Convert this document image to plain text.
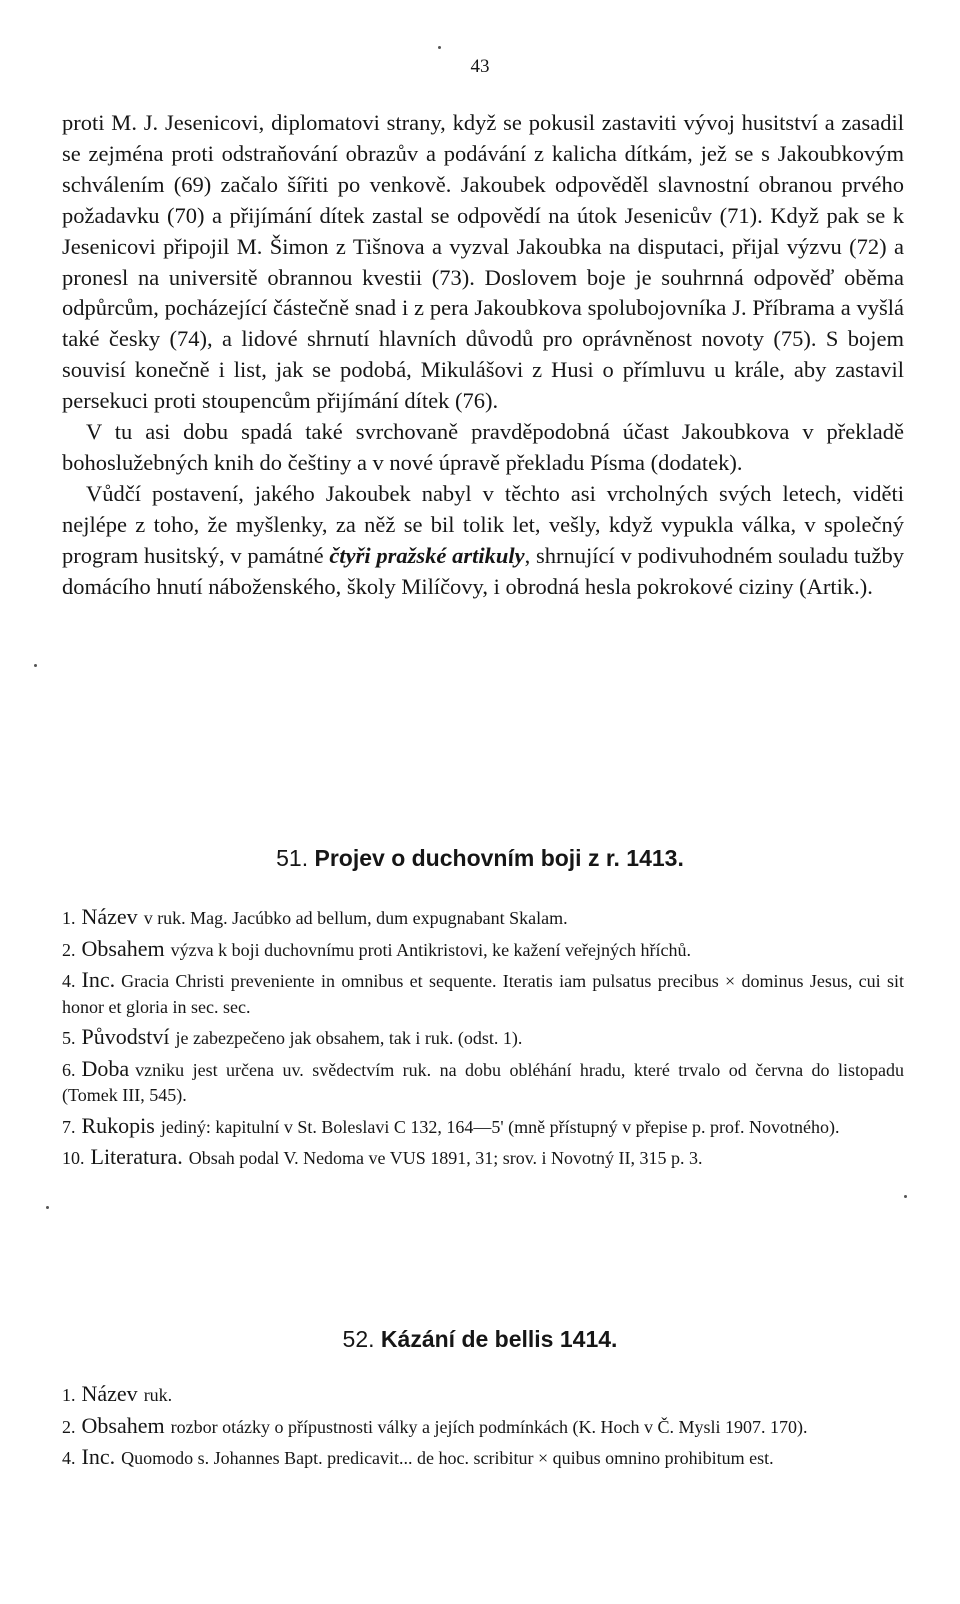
43

proti M. J. Jesenicovi, diplomatovi strany, když se pokusil zastaviti vývoj husitství a zasadil se zejména proti odstraňování obrazův a podávání z kalicha dítkám, jež se s Jakoubkovým schválením (69) začalo šířiti po venkově. Jakoubek odpověděl slavnostní obranou prvého požadavku (70) a přijímání dítek zastal se odpovědí na útok Jesenicův (71). Když pak se k Jesenicovi připojil M. Šimon z Tišnova a vyzval Jakoubka na disputaci, přijal výzvu (72) a pronesl na universitě obrannou kvestii (73). Doslovem boje je souhrnná odpověď oběma odpůrcům, pocházející částečně snad i z pera Jakoubkova spolubojovníka J. Příbrama a vyšlá také česky (74), a lidové shrnutí hlavních důvodů pro oprávněnost novoty (75). S bojem souvisí konečně i list, jak se podobá, Mikulášovi z Husi o přímluvu u krále, aby zastavil persekuci proti stoupencům přijímání dítek (76).

V tu asi dobu spadá také svrchovaně pravděpodobná účast Jakoubkova v překladě bohoslužebných knih do češtiny a v nové úpravě překladu Písma (dodatek).

Vůdčí postavení, jakého Jakoubek nabyl v těchto asi vrcholných svých letech, viděti nejlépe z toho, že myšlenky, za něž se bil tolik let, vešly, když vypukla válka, v společný program husitský, v památné čtyři pražské artikuly, shrnující v podivuhodném souladu tužby domácího hnutí náboženského, školy Milíčovy, i obrodná hesla pokrokové ciziny (Artik.).

51. Projev o duchovním boji z r. 1413.

1. Název v ruk. Mag. Jacúbko ad bellum, dum expugnabant Skalam.

2. Obsahem výzva k boji duchovnímu proti Antikristovi, ke kažení veřejných hříchů.

4. Inc. Gracia Christi preveniente in omnibus et sequente. Iteratis iam pulsatus precibus × dominus Jesus, cui sit honor et gloria in sec. sec.

5. Původství je zabezpečeno jak obsahem, tak i ruk. (odst. 1).

6. Doba vzniku jest určena uv. svědectvím ruk. na dobu obléhání hradu, které trvalo od června do listopadu (Tomek III, 545).

7. Rukopis jediný: kapitulní v St. Boleslavi C 132, 164—5' (mně přístupný v přepise p. prof. Novotného).

10. Literatura. Obsah podal V. Nedoma ve VUS 1891, 31; srov. i Novotný II, 315 p. 3.

52. Kázání de bellis 1414.

1. Název ruk.

2. Obsahem rozbor otázky o přípustnosti války a jejích podmínkách (K. Hoch v Č. Mysli 1907. 170).

4. Inc. Quomodo s. Johannes Bapt. predicavit... de hoc. scribitur × quibus omnino prohibitum est.
